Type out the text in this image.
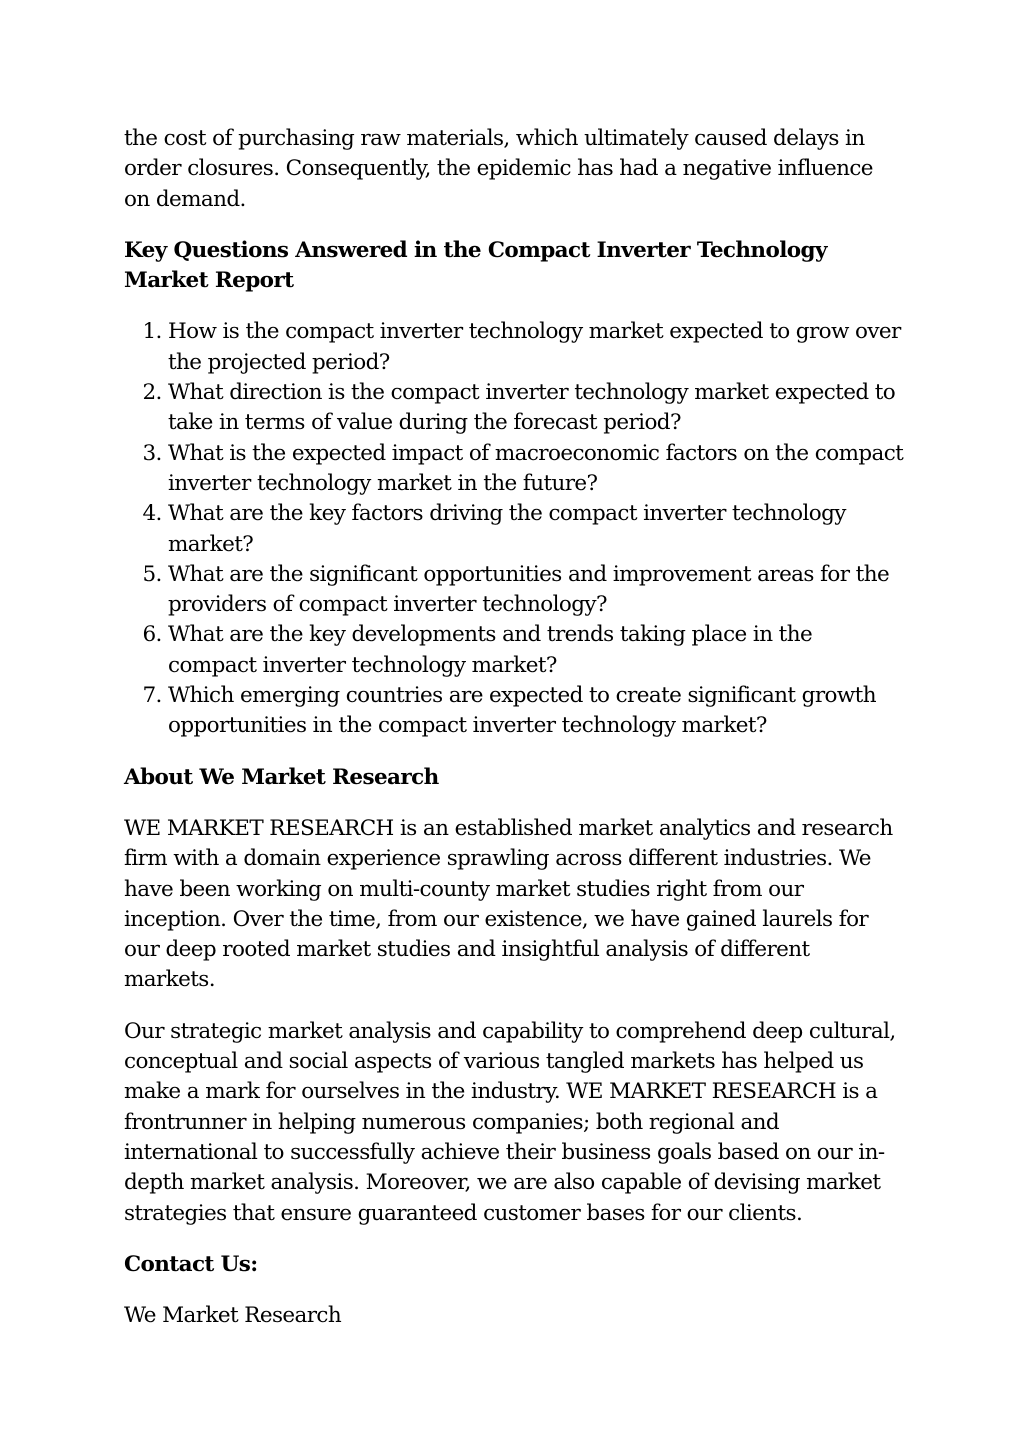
the cost of purchasing raw materials, which ultimately caused delays in order closures. Consequently, the epidemic has had a negative influence on demand.

Key Questions Answered in the Compact Inverter Technology Market Report
1. How is the compact inverter technology market expected to grow over the projected period?
2. What direction is the compact inverter technology market expected to take in terms of value during the forecast period?
3. What is the expected impact of macroeconomic factors on the compact inverter technology market in the future?
4. What are the key factors driving the compact inverter technology market?
5. What are the significant opportunities and improvement areas for the providers of compact inverter technology?
6. What are the key developments and trends taking place in the compact inverter technology market?
7. Which emerging countries are expected to create significant growth opportunities in the compact inverter technology market?
About We Market Research

WE MARKET RESEARCH is an established market analytics and research firm with a domain experience sprawling across different industries. We have been working on multi-county market studies right from our inception. Over the time, from our existence, we have gained laurels for our deep rooted market studies and insightful analysis of different markets.

Our strategic market analysis and capability to comprehend deep cultural, conceptual and social aspects of various tangled markets has helped us make a mark for ourselves in the industry. WE MARKET RESEARCH is a frontrunner in helping numerous companies; both regional and international to successfully achieve their business goals based on our in-depth market analysis. Moreover, we are also capable of devising market strategies that ensure guaranteed customer bases for our clients.

Contact Us:

We Market Research
